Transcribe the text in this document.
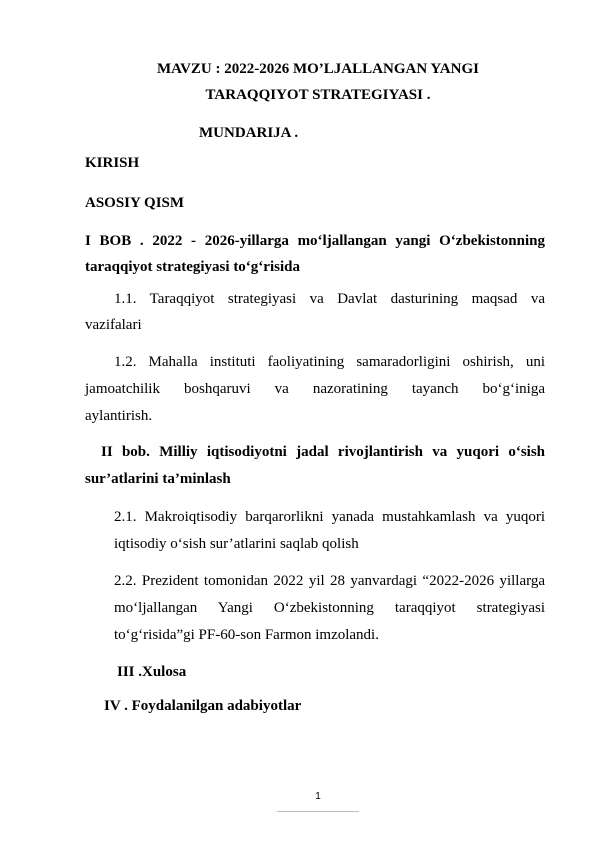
MAVZU : 2022-2026 MO’LJALLANGAN YANGI
TARAQQIYOT STRATEGIYASI .
MUNDARIJA .
KIRISH
ASOSIY QISM
I BOB . 2022 - 2026-yillarga mo‘ljallangan yangi O‘zbekistonning
taraqqiyot strategiyasi to‘g‘risida
1.1. Taraqqiyot strategiyasi va Davlat dasturining maqsad va
vazifalari
1.2. Mahalla instituti faoliyatining samaradorligini oshirish, uni
jamoatchilik boshqaruvi va nazoratining tayanch bo‘g‘iniga
aylantirish.
II bob. Milliy iqtisodiyotni jadal rivojlantirish va yuqori o‘sish
sur’atlarini ta’minlash
2.1. Makroiqtisodiy barqarorlikni yanada mustahkamlash va yuqori
iqtisodiy o‘sish sur’atlarini saqlab qolish
2.2. Prezident tomonidan 2022 yil 28 yanvardagi “2022-2026 yillarga
mo‘ljallangan Yangi O‘zbekistonning taraqqiyot strategiyasi
to‘g‘risida”gi PF-60-son Farmon imzolandi.
III .Xulosa
IV . Foydalanilgan adabiyotlar
1
